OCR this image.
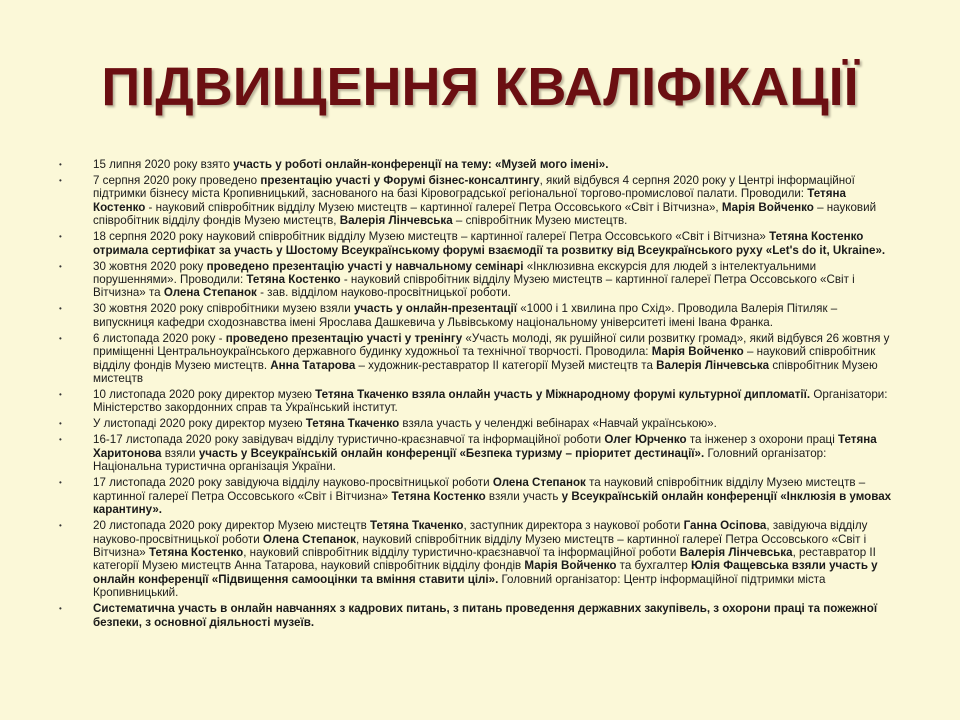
ПІДВИЩЕННЯ КВАЛІФІКАЦІЇ
•	15 липня 2020 року взято участь у роботі онлайн-конференції на тему: «Музей мого імені».
•	7 серпня 2020 року проведено презентацію участі у Форумі бізнес-консалтингу, який відбувся 4 серпня 2020 року у Центрі інформаційної підтримки бізнесу міста Кропивницький, заснованого на базі Кіровоградської регіональної торгово-промислової палати. Проводили: Тетяна Костенко - науковий співробітник відділу Музею мистецтв – картинної галереї Петра Оссовського «Світ і Вітчизна», Марія Войченко – науковий співробітник відділу фондів Музею мистецтв, Валерія Лінчевська – співробітник Музею мистецтв.
•	18 серпня 2020 року науковий співробітник відділу Музею мистецтв – картинної галереї Петра Оссовського «Світ і Вітчизна» Тетяна Костенко отримала сертифікат за участь у Шостому Всеукраїнському форумі взаємодії та розвитку від Всеукраїнського руху «Let's do it, Ukraine».
•	30 жовтня 2020 року проведено презентацію участі у навчальному семінарі «Інклюзивна екскурсія для людей з інтелектуальними порушеннями». Проводили: Тетяна Костенко - науковий співробітник відділу Музею мистецтв – картинної галереї Петра Оссовського «Світ і Вітчизна» та Олена Степанок - зав. відділом науково-просвітницької роботи.
•	30 жовтня 2020 року співробітники музею взяли участь у онлайн-презентації «1000 і 1 хвилина про Схід». Проводила Валерія Пітиляк – випускниця кафедри сходознавства імені Ярослава Дашкевича у Львівському національному університеті імені Івана Франка.
•	6 листопада 2020 року - проведено презентацію участі у тренінгу «Участь молоді, як рушійної сили розвитку громад», який відбувся 26 жовтня у приміщенні Центральноукраїнського державного будинку художньої та технічної творчості. Проводила: Марія Войченко – науковий співробітник відділу фондів Музею мистецтв. Анна Татарова – художник-реставратор ІІ категорії Музей мистецтв та Валерія Лінчевська співробітник Музею мистецтв
•	10 листопада 2020 року директор музею Тетяна Ткаченко взяла онлайн участь у Міжнародному форумі культурної дипломатії. Організатори: Міністерство закордонних справ та Український інститут.
•	У листопаді 2020 року директор музею Тетяна Ткаченко взяла участь у челенджі вебінарах «Навчай українською».
•	16-17 листопада 2020 року завідувач відділу туристично-краєзнавчої та інформаційної роботи Олег Юрченко та інженер з охорони праці Тетяна Харитонова взяли участь у Всеукраїнській онлайн конференції «Безпека туризму – пріоритет дестинації». Головний організатор: Національна туристична організація України.
•	17 листопада 2020 року завідуюча відділу науково-просвітницької роботи Олена Степанок та науковий співробітник відділу Музею мистецтв – картинної галереї Петра Оссовського «Світ і Вітчизна» Тетяна Костенко взяли участь у Всеукраїнській онлайн конференції «Інклюзія в умовах карантину».
•	20 листопада 2020 року директор Музею мистецтв Тетяна Ткаченко, заступник директора з наукової роботи Ганна Осіпова, завідуюча відділу науково-просвітницької роботи Олена Степанок, науковий співробітник відділу Музею мистецтв – картинної галереї Петра Оссовського «Світ і Вітчизна» Тетяна Костенко, науковий співробітник відділу туристично-краєзнавчої та інформаційної роботи Валерія Лінчевська, реставратор ІІ категорії Музею мистецтв Анна Татарова, науковий співробітник відділу фондів Марія Войченко та бухгалтер Юлія Фащевська взяли участь у онлайн конференції «Підвищення самооцінки та вміння ставити цілі». Головний організатор: Центр інформаційної підтримки міста Кропивницький.
•	Систематична участь в онлайн навчаннях з кадрових питань, з питань проведення державних закупівель, з охорони праці та пожежної безпеки, з основної діяльності музеїв.
